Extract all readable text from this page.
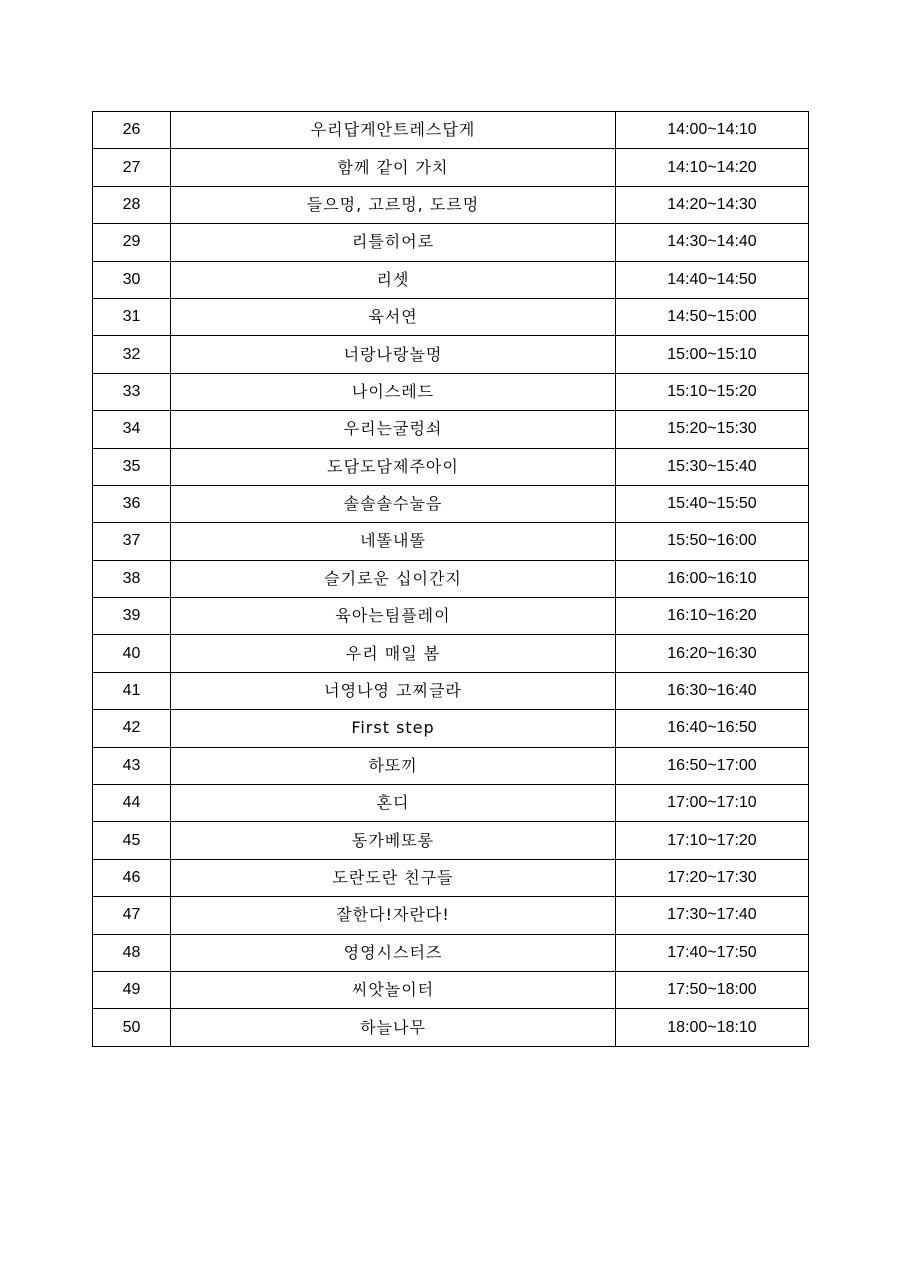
26	우리답게안트레스답게	14:00~14:10
27	함께 같이 가치	14:10~14:20
28	들으멍, 고르멍, 도르멍	14:20~14:30
29	리틀히어로	14:30~14:40
30	리셋	14:40~14:50
31	육서연	14:50~15:00
32	너랑나랑놀멍	15:00~15:10
33	나이스레드	15:10~15:20
34	우리는굴렁쇠	15:20~15:30
35	도담도담제주아이	15:30~15:40
36	솔솔솔수눌음	15:40~15:50
37	네똘내똘	15:50~16:00
38	슬기로운 십이간지	16:00~16:10
39	육아는팀플레이	16:10~16:20
40	우리 매일 봄	16:20~16:30
41	너영나영 고찌글라	16:30~16:40
42	First step	16:40~16:50
43	하또끼	16:50~17:00
44	혼디	17:00~17:10
45	동가베또롱	17:10~17:20
46	도란도란 친구들	17:20~17:30
47	잘한다!자란다!	17:30~17:40
48	영영시스터즈	17:40~17:50
49	씨앗놀이터	17:50~18:00
50	하늘나무	18:00~18:10
